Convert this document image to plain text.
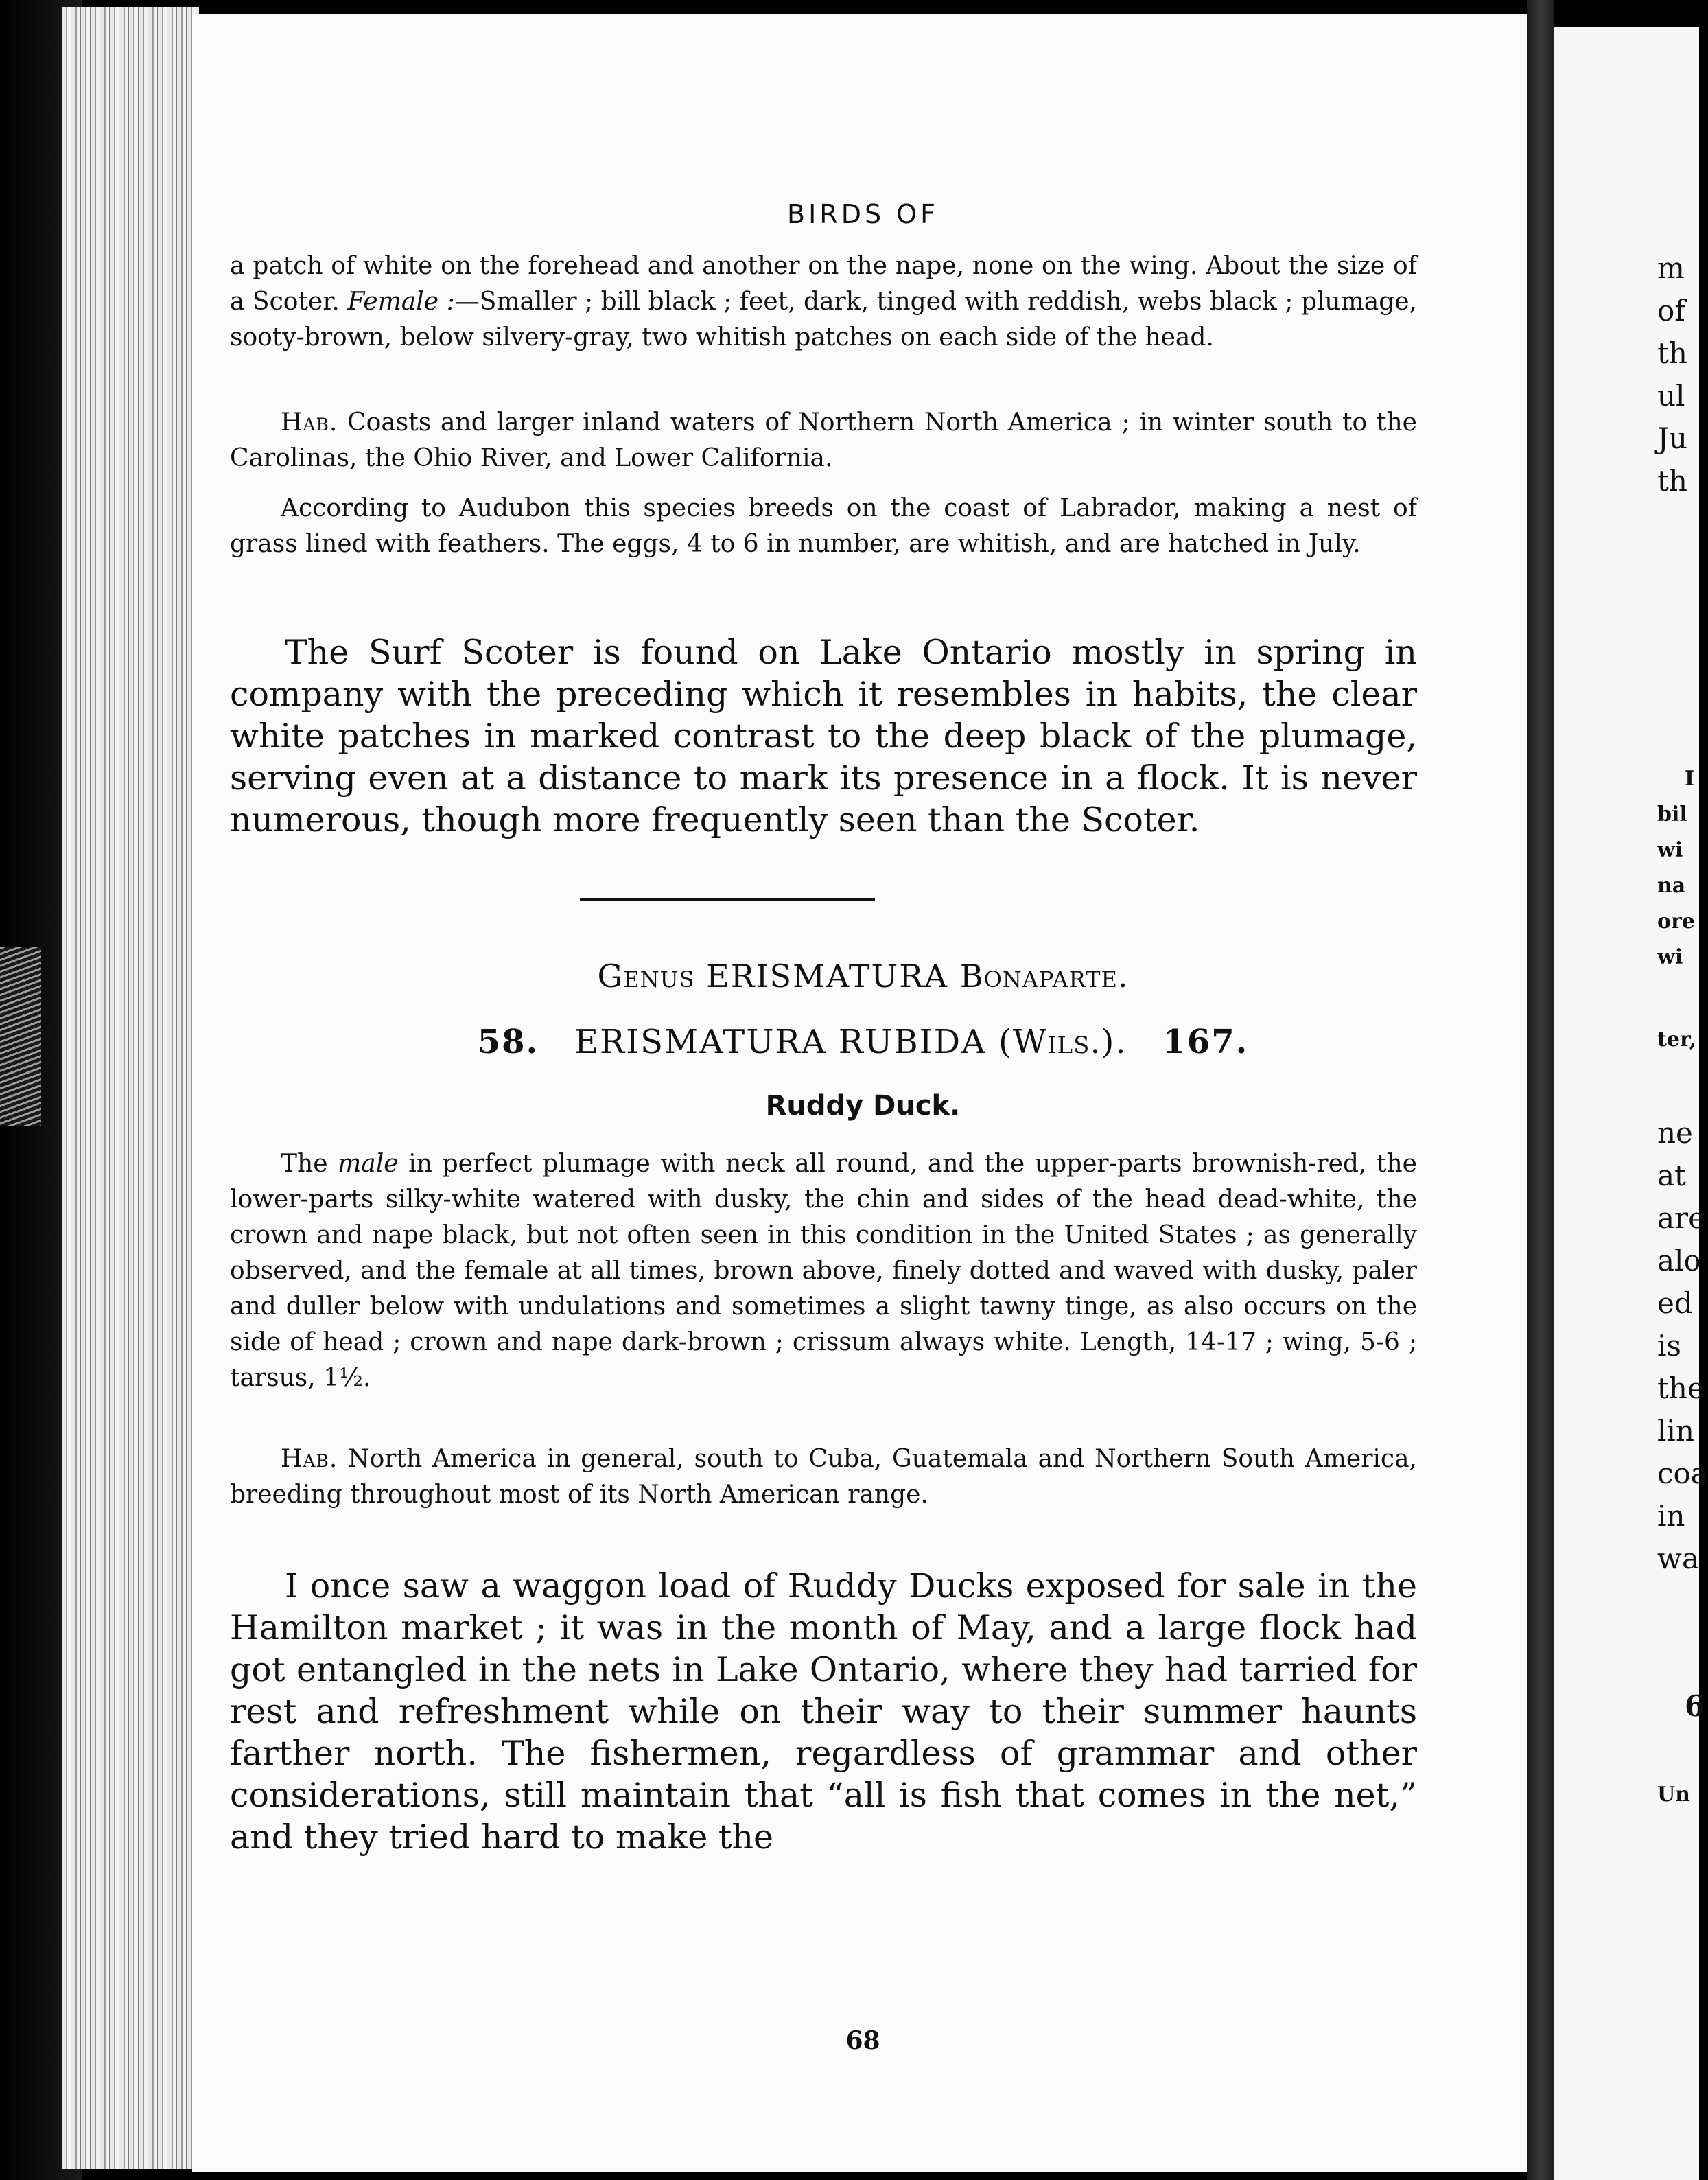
BIRDS OF

a patch of white on the forehead and another on the nape, none on the wing. About the size of a Scoter. Female :—Smaller ; bill black ; feet, dark, tinged with reddish, webs black ; plumage, sooty-brown, below silvery-gray, two whitish patches on each side of the head.

Hab. Coasts and larger inland waters of Northern North America ; in winter south to the Carolinas, the Ohio River, and Lower California.

According to Audubon this species breeds on the coast of Labrador, making a nest of grass lined with feathers. The eggs, 4 to 6 in number, are whitish, and are hatched in July.

The Surf Scoter is found on Lake Ontario mostly in spring in company with the preceding which it resembles in habits, the clear white patches in marked contrast to the deep black of the plumage, serving even at a distance to mark its presence in a flock. It is never numerous, though more frequently seen than the Scoter.

Genus ERISMATURA Bonaparte.
58. ERISMATURA RUBIDA (Wils.). 167.
Ruddy Duck.

The male in perfect plumage with neck all round, and the upper-parts brownish-red, the lower-parts silky-white watered with dusky, the chin and sides of the head dead-white, the crown and nape black, but not often seen in this condition in the United States ; as generally observed, and the female at all times, brown above, finely dotted and waved with dusky, paler and duller below with undulations and sometimes a slight tawny tinge, as also occurs on the side of head ; crown and nape dark-brown ; crissum always white. Length, 14-17 ; wing, 5-6 ; tarsus, 1½.

Hab. North America in general, south to Cuba, Guatemala and Northern South America, breeding throughout most of its North American range.

I once saw a waggon load of Ruddy Ducks exposed for sale in the Hamilton market ; it was in the month of May, and a large flock had got entangled in the nets in Lake Ontario, where they had tarried for rest and refreshment while on their way to their summer haunts farther north. The fishermen, regardless of grammar and other considerations, still maintain that “all is fish that comes in the net,” and they tried hard to make the

68
m
of
th
ul
Ju
th
I
bil
wi
na
ore
wi
ter,
ne
at
are
alo
ed
is
the
lin
coa
in
wa
6
Un
